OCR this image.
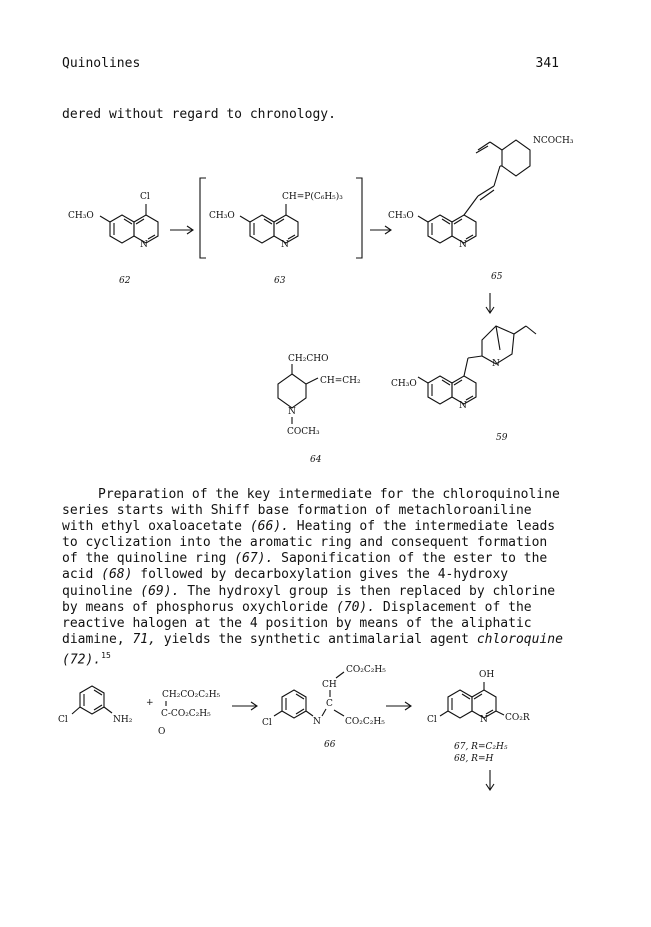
Quinolines	341
dered without regard to chronology.
Cl
CH₃O
N
62
CH=P(C₆H₅)₃
CH₃O
N
63
CH₃O
N
NCOCH₃
65
CH₂CHO
CH=CH₂
N
COCH₃
64
CH₃O
N
N
59
Cl	NH₂
+
CH₂CO₂C₂H₅
C-CO₂C₂H₅
O
Cl	N
C
CO₂C₂H₅
CH
CO₂C₂H₅
66
Cl
OH
CO₂R
N
67, R=C₂H₅
68, R=H

Preparation of the key intermediate for the chloroquinoline series starts with Shiff base formation of metachloroaniline with ethyl oxaloacetate (66). Heating of the intermediate leads to cyclization into the aromatic ring and consequent formation of the quinoline ring (67). Saponification of the ester to the acid (68) followed by decarboxylation gives the 4-hydroxy quinoline (69). The hydroxyl group is then replaced by chlorine by means of phosphorus oxychloride (70). Displacement of the reactive halogen at the 4 position by means of the aliphatic diamine, 71, yields the synthetic antimalarial agent chloroquine (72).$^{15}$
